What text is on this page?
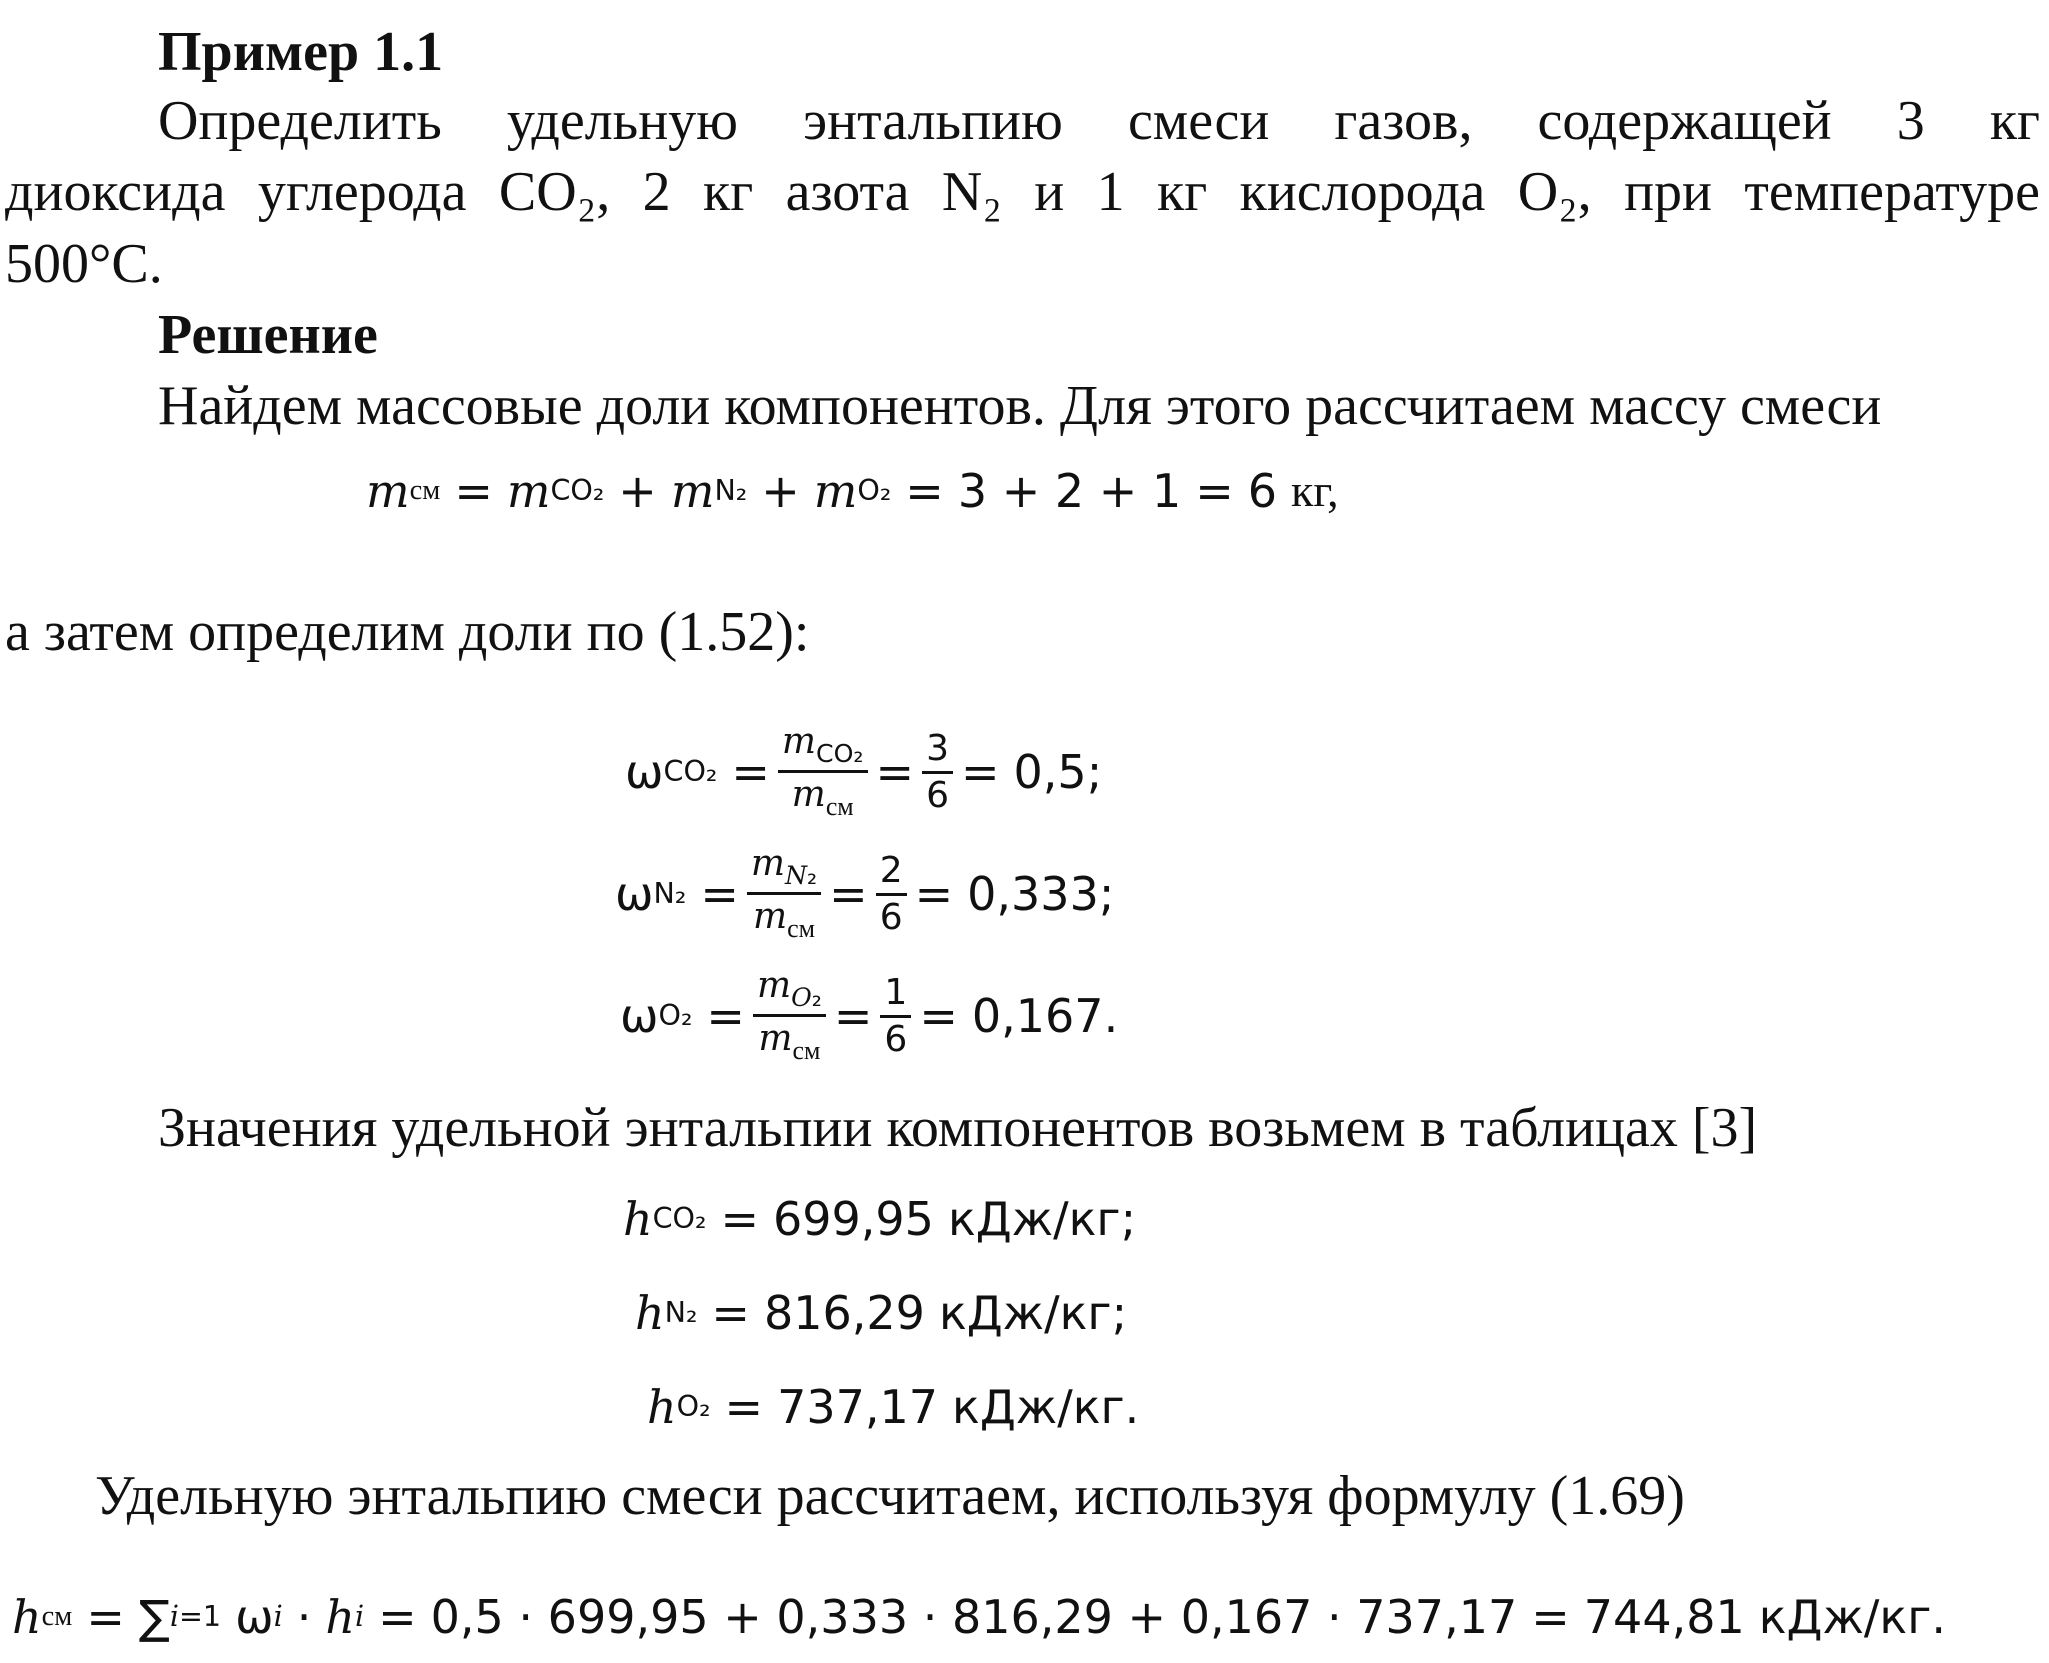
Пример 1.1
Определить удельную энтальпию смеси газов, содержащей 3 кг
диоксида углерода CO₂, 2 кг азота N₂ и 1 кг кислорода O₂, при температуре
500°C.
Решение
Найдем массовые доли компонентов. Для этого рассчитаем массу смеси
m см = m CO₂ + m N₂ + m O₂ = 3 + 2 + 1 = 6 кг,
а затем определим доли по (1.52):
ω $CO_2 = \frac{m_{CO_2}}{m_{см}} = \frac{3}{6} = 0,5$ ;
ω $N_2 = \frac{m_{N_2}}{m_{см}} = \frac{2}{6} = 0,333$ ;
ω $O_2 = \frac{m_{O_2}}{m_{см}} = \frac{1}{6} = 0,167$ .
Значения удельной энтальпии компонентов возьмем в таблицах [3]
h CO₂ = 699,95 кДж/кг ;
h N₂ = 816,29 кДж/кг ;
h O₂ = 737,17 кДж/кг .
Удельную энтальпию смеси рассчитаем, используя формулу (1.69)
h см = ∑ i=1 ω i · h i = 0,5 · 699,95 + 0,333 · 816,29 + 0,167 · 737,17 = 744,81 кДж/кг.
